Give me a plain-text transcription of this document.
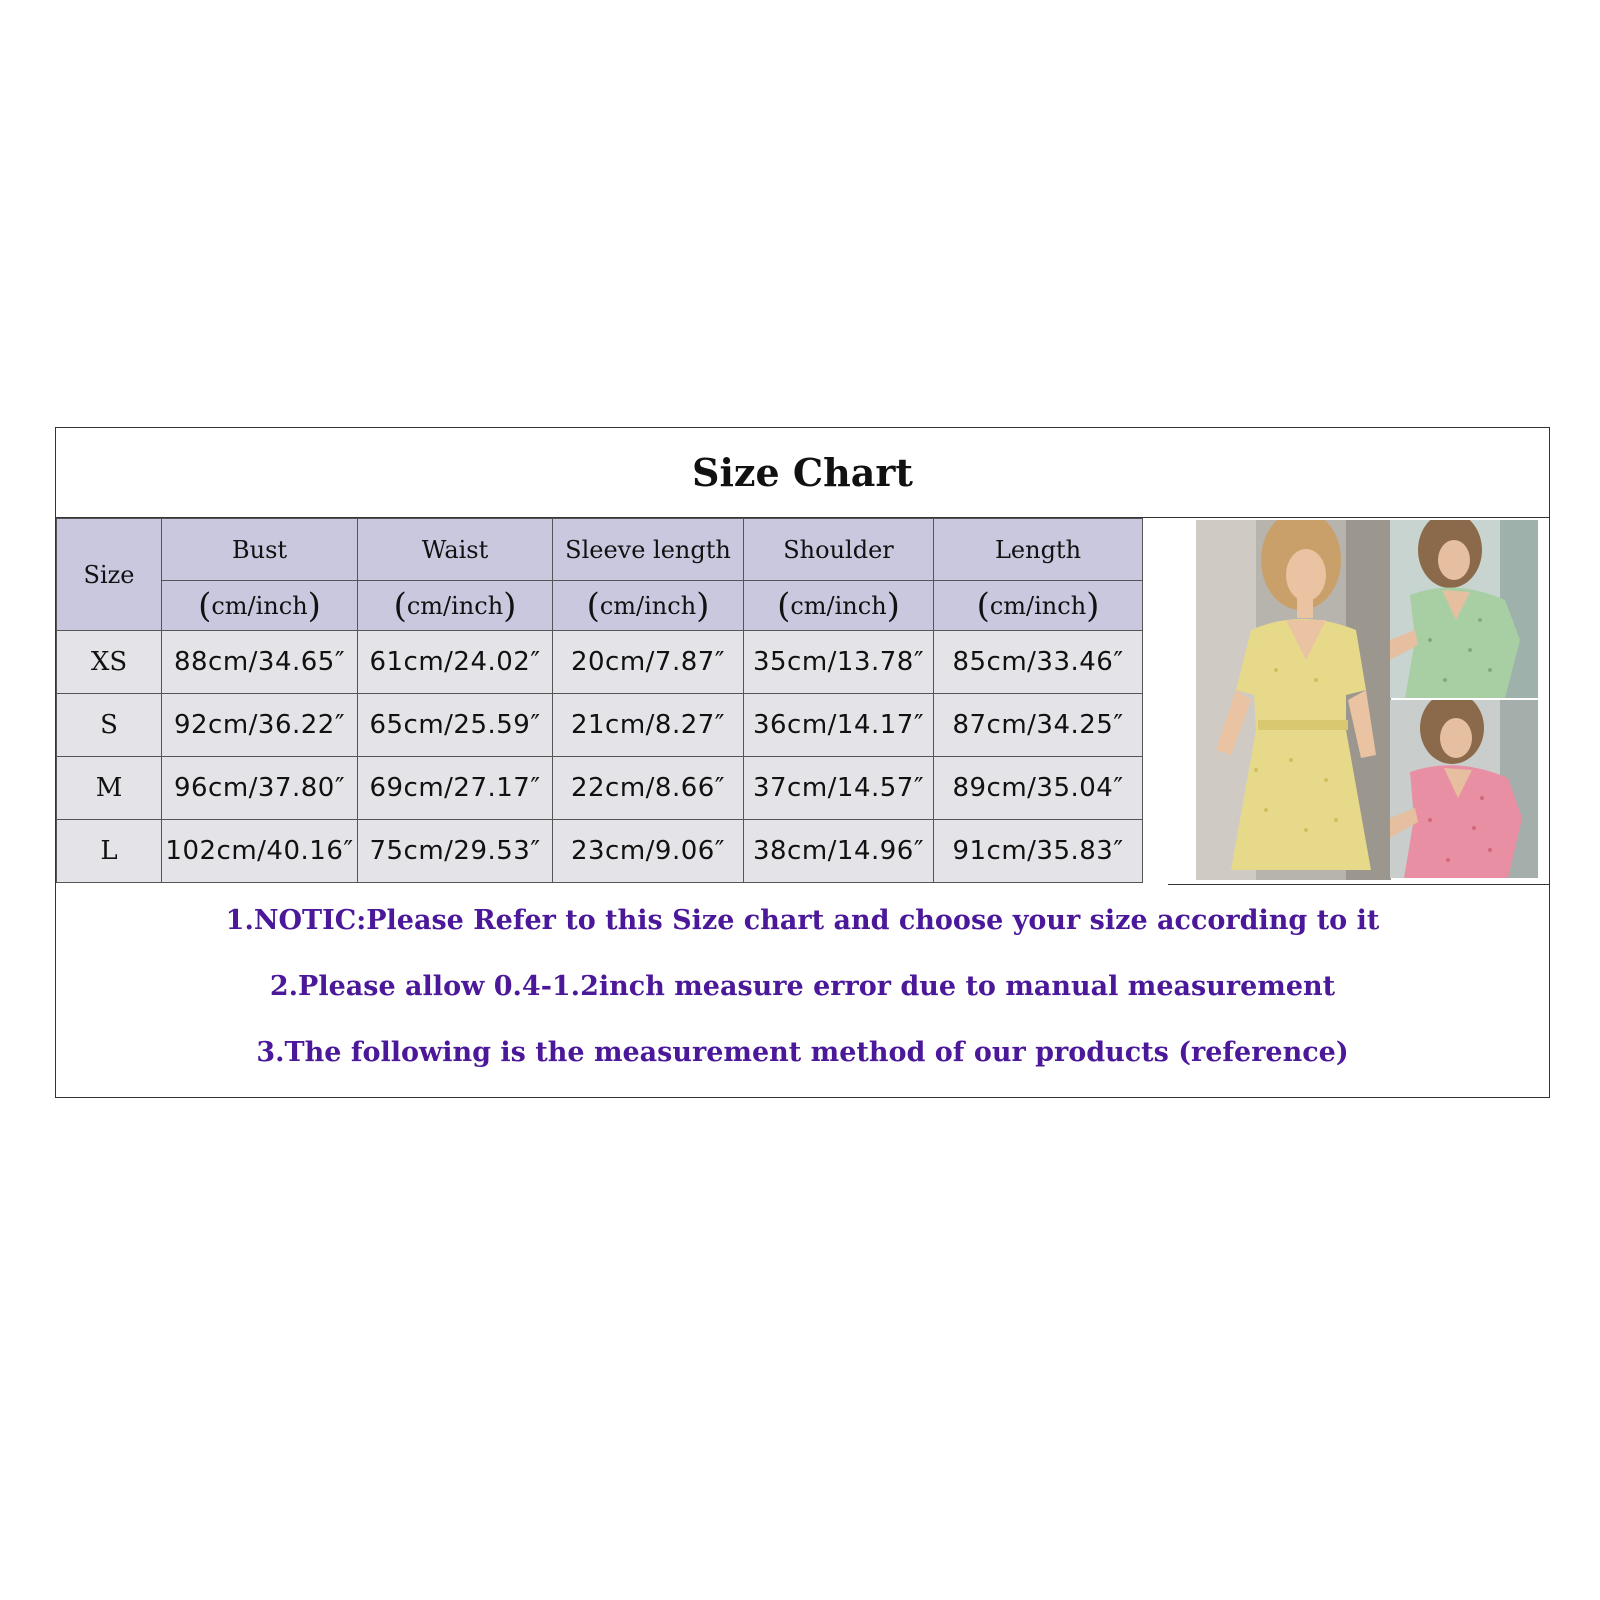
Size Chart
Size	Bust	Waist	Sleeve length	Shoulder	Length
	(cm/inch)	(cm/inch)	(cm/inch)	(cm/inch)	(cm/inch)
XS	88cm/34.65″	61cm/24.02″	20cm/7.87″	35cm/13.78″	85cm/33.46″
S	92cm/36.22″	65cm/25.59″	21cm/8.27″	36cm/14.17″	87cm/34.25″
M	96cm/37.80″	69cm/27.17″	22cm/8.66″	37cm/14.57″	89cm/35.04″
L	102cm/40.16″	75cm/29.53″	23cm/9.06″	38cm/14.96″	91cm/35.83″
1.NOTIC:Please Refer to this Size chart and choose your size according to it
2.Please allow 0.4-1.2inch measure error due to manual measurement
3.The following is the measurement method of our products (reference)
